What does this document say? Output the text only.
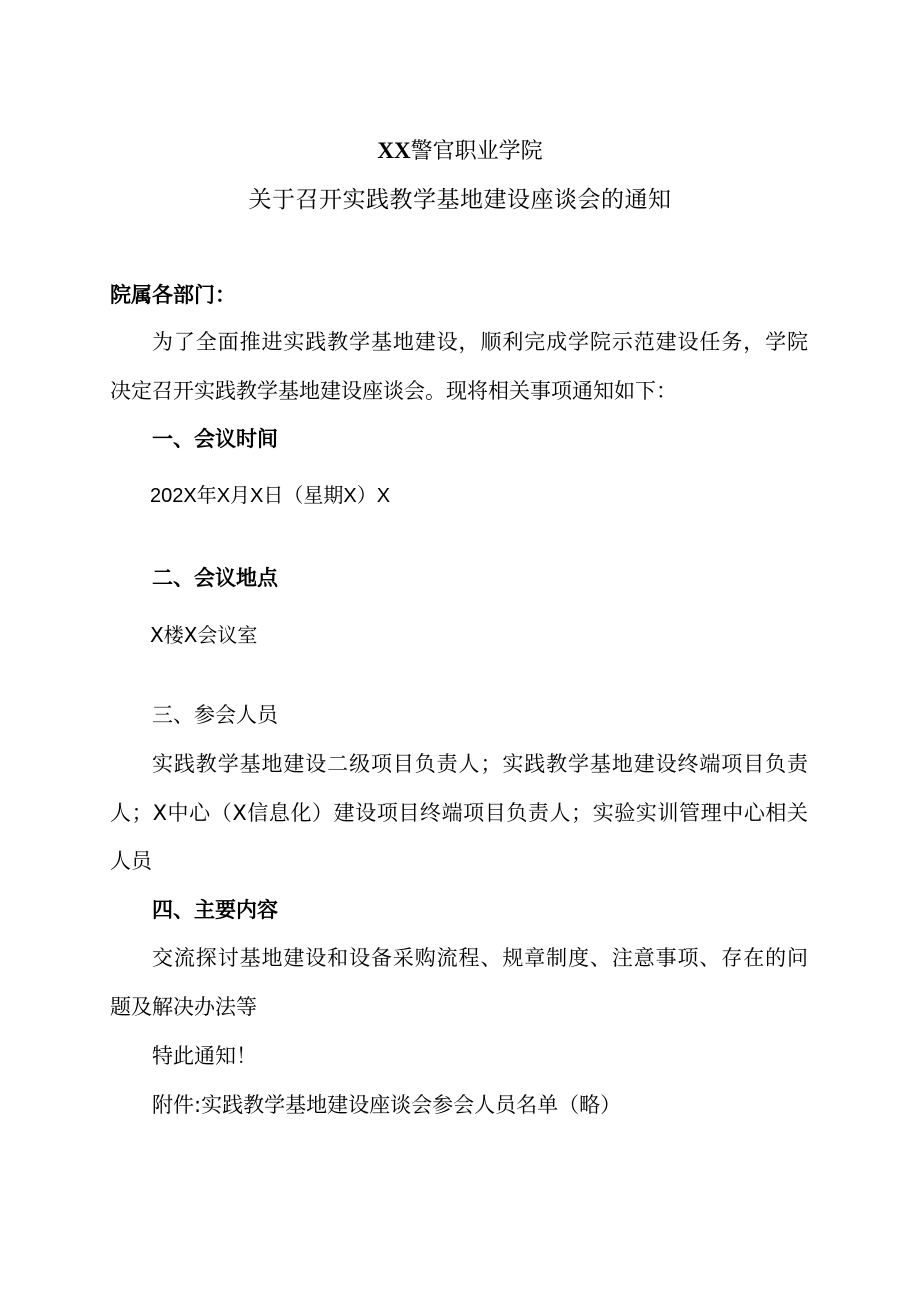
XX警官职业学院
关于召开实践教学基地建设座谈会的通知
院属各部门：
为了全面推进实践教学基地建设，顺利完成学院示范建设任务，学院
决定召开实践教学基地建设座谈会。现将相关事项通知如下：
一、会议时间
202X年X月X日（星期X）X
二、会议地点
X楼X会议室
三、参会人员
实践教学基地建设二级项目负责人；实践教学基地建设终端项目负责
人；X中心（X信息化）建设项目终端项目负责人；实验实训管理中心相关
人员
四、主要内容
交流探讨基地建设和设备采购流程、规章制度、注意事项、存在的问
题及解决办法等
特此通知！
附件:实践教学基地建设座谈会参会人员名单（略）
